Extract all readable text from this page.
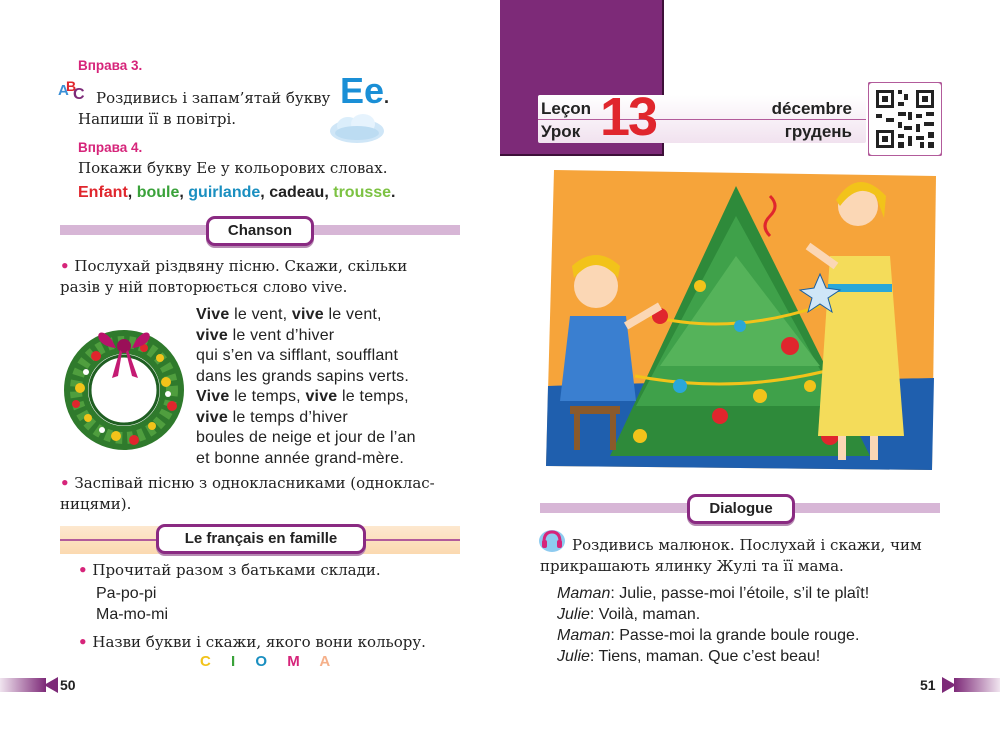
Вправа 3.
A
B
C Роздивись і запам’ятай букву Ee.
Напиши її в повітрі.
Вправа 4.
Покажи букву Ee у кольорових словах.
Enfant, boule, guirlande, cadeau, trousse.
Chanson
• Послухай різдвяну пісню. Скажи, скільки
разів у ній повторюється слово vive.
Vive le vent, vive le vent,
vive le vent d’hiver
qui s’en va sifflant, soufflant
dans les grands sapins verts.
Vive le temps, vive le temps,
vive le temps d’hiver
boules de neige et jour de l’an
et bonne année grand-mère.
• Заспівай пісню з однокласниками (одноклас-
ницями).
Le français en famille
• Прочитай разом з батьками склади.
Pa-po-pi
Ma-mo-mi
• Назви букви і скажи, якого вони кольору.
C I O M A
50
Leçon
Урок 13	décembre
грудень
Dialogue
Роздивись малюнок. Послухай і скажи, чим
прикрашають ялинку Жулі та її мама.
Maman: Julie, passe-moi l’étoile, s’il te plaît!
Julie: Voilà, maman.
Maman: Passe-moi la grande boule rouge.
Julie: Tiens, maman. Que c’est beau!
51
